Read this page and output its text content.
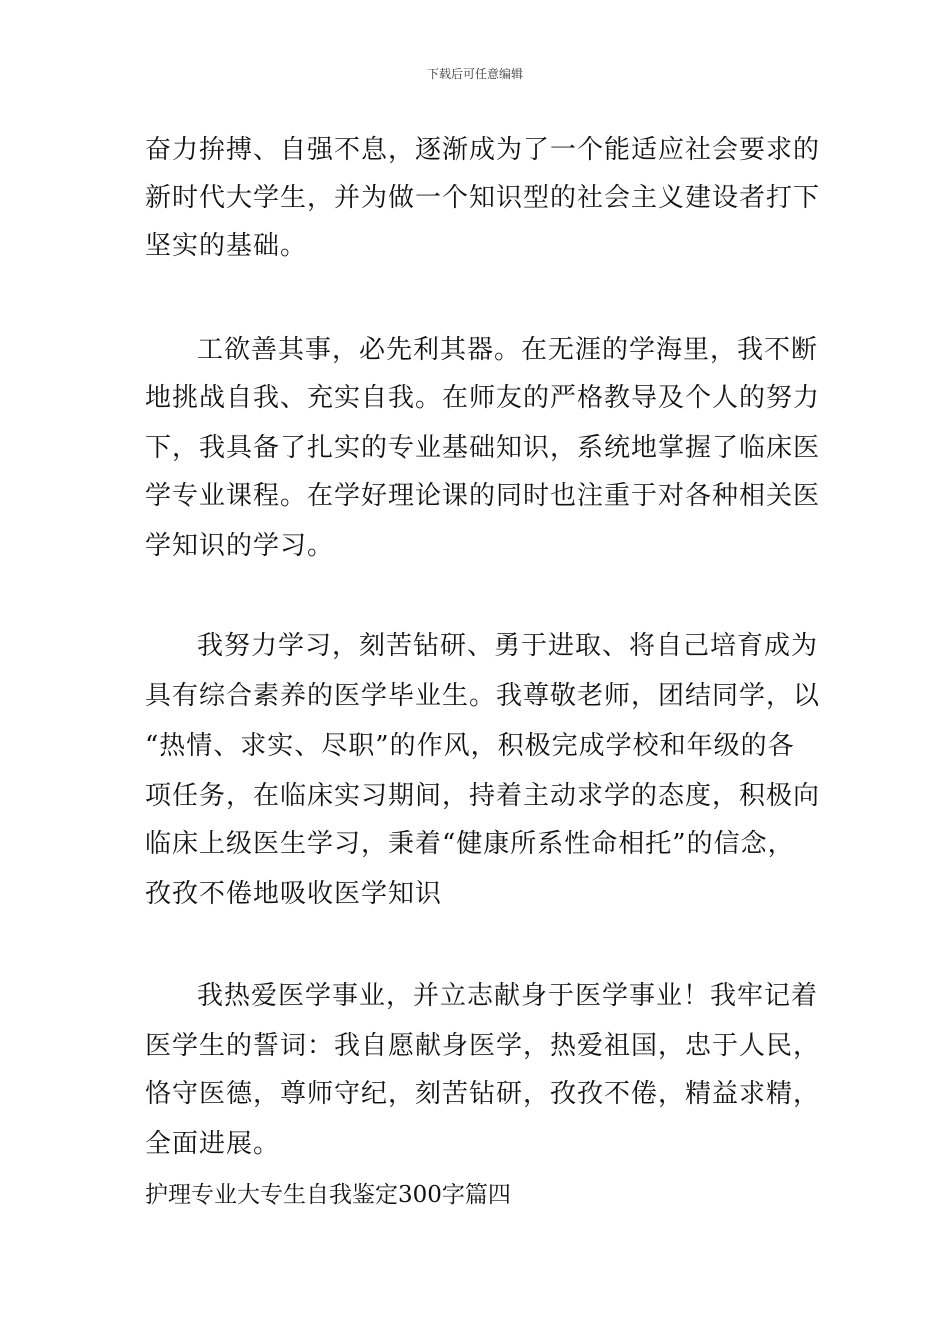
下载后可任意编辑
奋力拚搏、自强不息，逐渐成为了一个能适应社会要求的
新时代大学生，并为做一个知识型的社会主义建设者打下
坚实的基础。
工欲善其事，必先利其器。在无涯的学海里，我不断
地挑战自我、充实自我。在师友的严格教导及个人的努力
下，我具备了扎实的专业基础知识，系统地掌握了临床医
学专业课程。在学好理论课的同时也注重于对各种相关医
学知识的学习。
我努力学习，刻苦钻研、勇于进取、将自己培育成为
具有综合素养的医学毕业生。我尊敬老师，团结同学，以
“热情、求实、尽职”的作风，积极完成学校和年级的各
项任务，在临床实习期间，持着主动求学的态度，积极向
临床上级医生学习，秉着“健康所系性命相托”的信念，
孜孜不倦地吸收医学知识
我热爱医学事业，并立志献身于医学事业！我牢记着
医学生的誓词：我自愿献身医学，热爱祖国，忠于人民，
恪守医德，尊师守纪，刻苦钻研，孜孜不倦，精益求精，
全面进展。
护理专业大专生自我鉴定300字篇四
